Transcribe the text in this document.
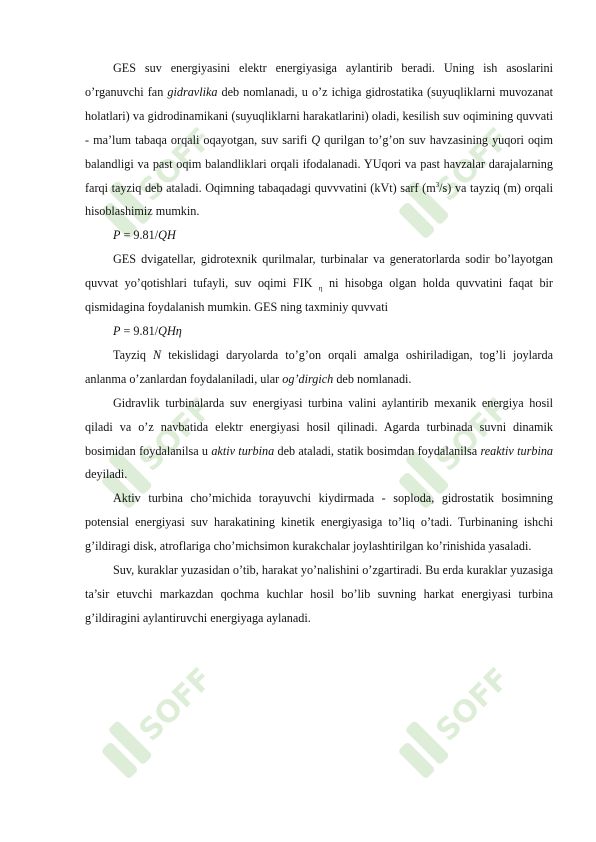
SOFF	SOFF
SOFF	SOFF
SOFF	SOFF

GES suv energiyasini elektr energiyasiga aylantirib beradi. Uning ish asoslarini o’rganuvchi fan gidravlika deb nomlanadi, u o’z ichiga gidrostatika (suyuqliklarni muvozanat holatlari) va gidrodinamikani (suyuqliklarni harakatlarini) oladi, kesilish suv oqimining quvvati - ma’lum tabaqa orqali oqayotgan, suv sarifi Q qurilgan to’g’on suv havzasining yuqori oqim balandligi va past oqim balandliklari orqali ifodalanadi. YUqori va past havzalar darajalarning farqi tayziq deb ataladi. Oqimning tabaqadagi quvvvatini (kVt) sarf $(m^3/s)$ va tayziq (m) orqali hisoblashimiz mumkin.

P = 9.81/QH

GES dvigatellar, gidrotexnik qurilmalar, turbinalar va generatorlarda sodir bo’layotgan quvvat yo’qotishlari tufayli, suv oqimi FIK $_\eta$ ni hisobga olgan holda quvvatini faqat bir qismidagina foydalanish mumkin. GES ning taxminiy quvvati

P = 9.81/QHη

Tayziq N tekislidagi daryolarda to’g’on orqali amalga oshiriladigan, tog’li joylarda anlanma o’zanlardan foydalaniladi, ular og’dirgich deb nomlanadi.

Gidravlik turbinalarda suv energiyasi turbina valini aylantirib mexanik energiya hosil qiladi va o’z navbatida elektr energiyasi hosil qilinadi. Agarda turbinada suvni dinamik bosimidan foydalanilsa u aktiv turbina deb ataladi, statik bosimdan foydalanilsa reaktiv turbina deyiladi.

Aktiv turbina cho’michida torayuvchi kiydirmada - soploda, gidrostatik bosimning potensial energiyasi suv harakatining kinetik energiyasiga to’liq o’tadi. Turbinaning ishchi g’ildiragi disk, atroflariga cho’michsimon kurakchalar joylashtirilgan ko’rinishida yasaladi.

Suv, kuraklar yuzasidan o’tib, harakat yo’nalishini o’zgartiradi. Bu erda kuraklar yuzasiga ta’sir etuvchi markazdan qochma kuchlar hosil bo’lib suvning harkat energiyasi turbina g’ildiragini aylantiruvchi energiyaga aylanadi.
